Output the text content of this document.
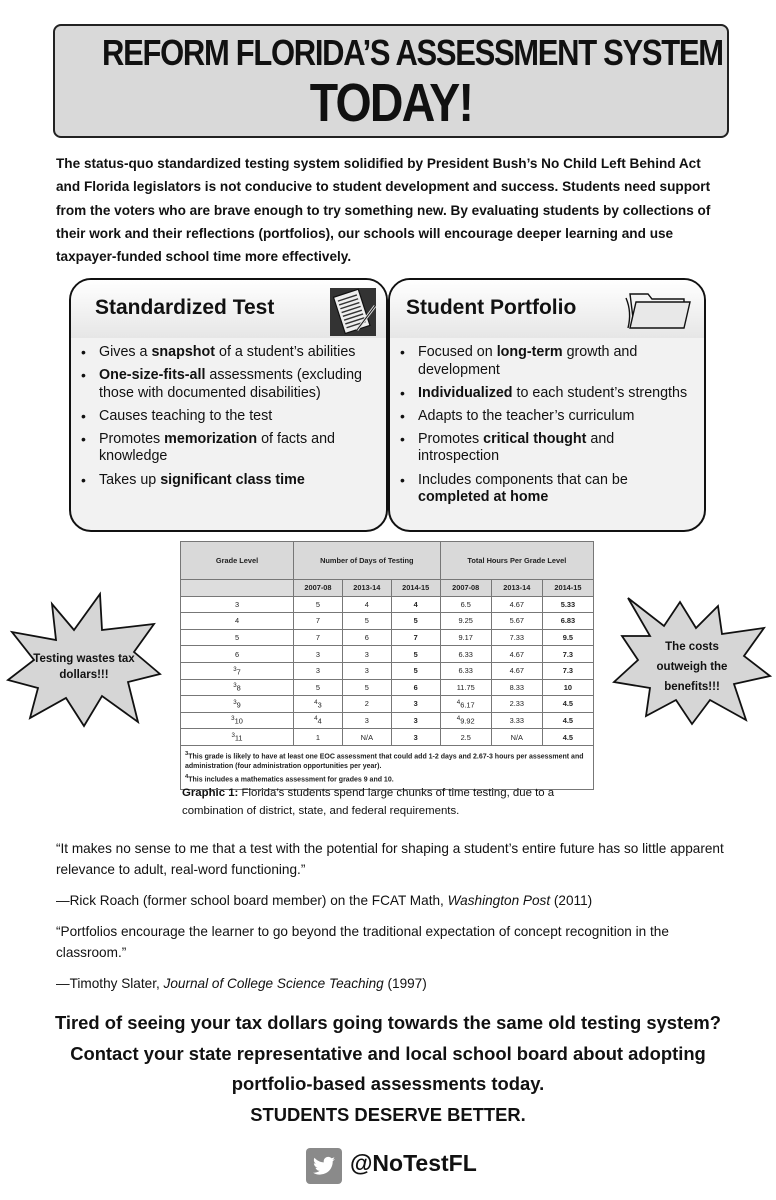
REFORM FLORIDA’S ASSESSMENT SYSTEM
TODAY!
The status-quo standardized testing system solidified by President Bush’s No Child Left Behind Act and Florida legislators is not conducive to student development and success. Students need support from the voters who are brave enough to try something new. By evaluating students by collections of their work and their reflections (portfolios), our schools will encourage deeper learning and use taxpayer-funded school time more effectively.
Standardized Test
• Gives a snapshot of a student’s abilities
• One-size-fits-all assessments (excluding those with documented disabilities)
• Causes teaching to the test
• Promotes memorization of facts and knowledge
• Takes up significant class time
Student Portfolio
• Focused on long-term growth and development
• Individualized to each student’s strengths
• Adapts to the teacher’s curriculum
• Promotes critical thought and introspection
• Includes components that can be completed at home
Grade Level	Number of Days of Testing			Total Hours Per Grade Level		
	2007-08	2013-14	2014-15	2007-08	2013-14	2014-15
3	5	4	4	6.5	4.67	5.33
4	7	5	5	9.25	5.67	6.83
5	7	6	7	9.17	7.33	9.5
6	3	3	5	6.33	4.67	7.3
$^3$7	3	3	5	6.33	4.67	7.3
$^3$8	5	5	6	11.75	8.33	10
$^3$9	$^4$3	2	3	$^4$6.17	2.33	4.5
$^3$10	$^4$4	3	3	$^4$9.92	3.33	4.5
$^3$11	1	N/A	3	2.5	N/A	4.5
$^3$This grade is likely to have at least one EOC assessment that could add 1-2 days and 2.67-3 hours per assessment and administration (four administration opportunities per year).
$^4$This includes a mathematics assessment for grades 9 and 10.						
Graphic 1: Florida’s students spend large chunks of time testing, due to a combination of district, state, and federal requirements.
Testing wastes tax
dollars!!!
The costs
outweigh the
benefits!!!

“It makes no sense to me that a test with the potential for shaping a student’s entire future has so little apparent relevance to adult, real-word functioning.”

—Rick Roach (former school board member) on the FCAT Math, Washington Post (2011)

“Portfolios encourage the learner to go beyond the traditional expectation of concept recognition in the classroom.”

—Timothy Slater, Journal of College Science Teaching (1997)

Tired of seeing your tax dollars going towards the same old testing system?
Contact your state representative and local school board about adopting
portfolio-based assessments today.
STUDENTS DESERVE BETTER.
@NoTestFL
